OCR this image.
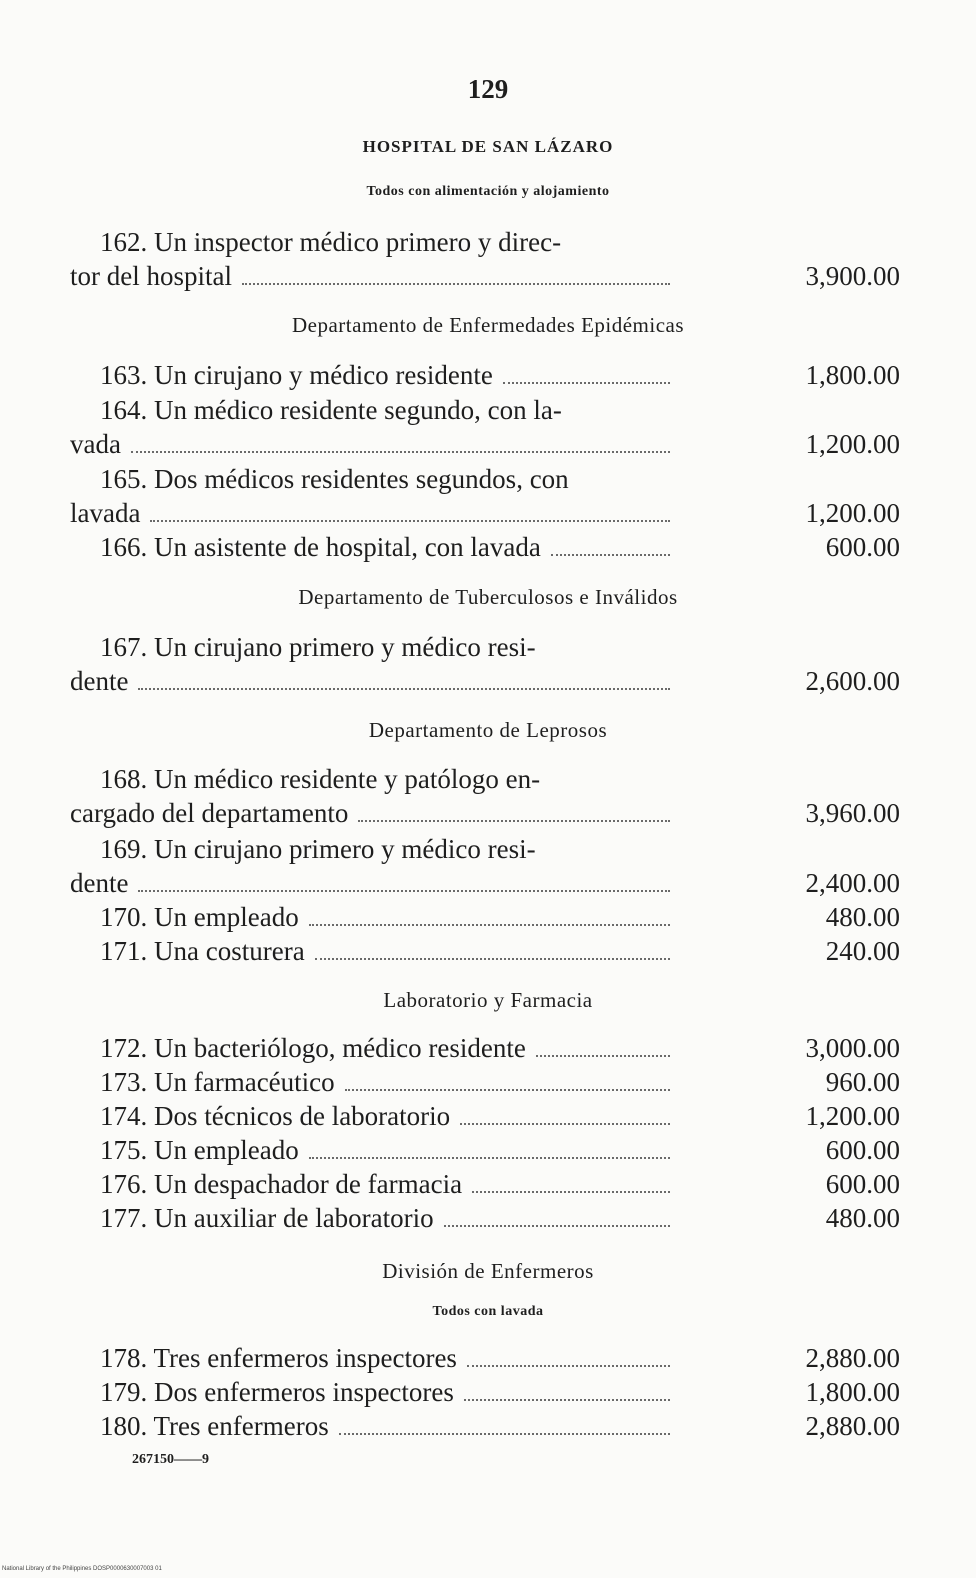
129
HOSPITAL DE SAN LÁZARO
Todos con alimentación y alojamiento
Departamento de Enfermedades Epidémicas
Departamento de Tuberculosos e Inválidos
Departamento de Leprosos
Laboratorio y Farmacia
División de Enfermeros
Todos con lavada
162. Un inspector médico primero y direc-
tor del hospital	3,900.00
163. Un cirujano y médico residente	1,800.00
164. Un médico residente segundo, con la-
vada	1,200.00
165. Dos médicos residentes segundos, con
lavada	1,200.00
166. Un asistente de hospital, con lavada	600.00
167. Un cirujano primero y médico resi-
dente	2,600.00
168. Un médico residente y patólogo en-
cargado del departamento	3,960.00
169. Un cirujano primero y médico resi-
dente	2,400.00
170. Un empleado	480.00
171. Una costurera	240.00
172. Un bacteriólogo, médico residente	3,000.00
173. Un farmacéutico	960.00
174. Dos técnicos de laboratorio	1,200.00
175. Un empleado	600.00
176. Un despachador de farmacia	600.00
177. Un auxiliar de laboratorio	480.00
178. Tres enfermeros inspectores	2,880.00
179. Dos enfermeros inspectores	1,800.00
180. Tres enfermeros	2,880.00
267150——9
National Library of the Philippines DOSP0000630007003 01
